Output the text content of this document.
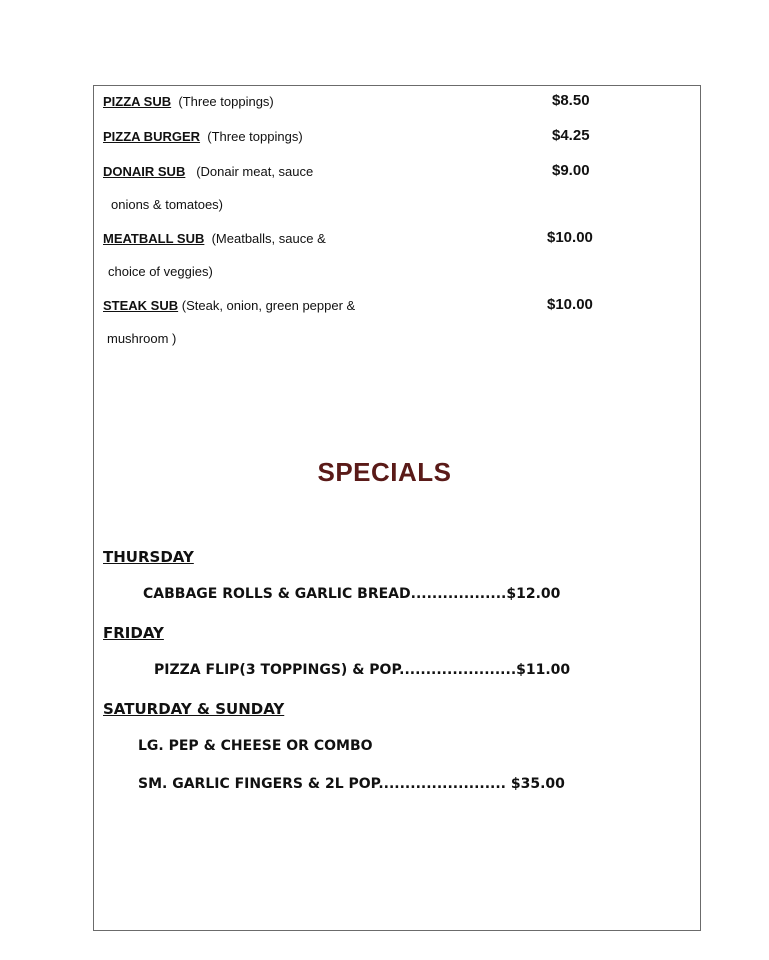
PIZZA SUB (Three toppings)	$8.50
PIZZA BURGER (Three toppings)	$4.25
DONAIR SUB (Donair meat, sauce	$9.00
onions & tomatoes)
MEATBALL SUB (Meatballs, sauce &	$10.00
choice of veggies)
STEAK SUB (Steak, onion, green pepper &	$10.00
mushroom )
SPECIALS
THURSDAY
CABBAGE ROLLS & GARLIC BREAD..................$12.00
FRIDAY
PIZZA FLIP(3 TOPPINGS) & POP......................$11.00
SATURDAY & SUNDAY
LG. PEP & CHEESE OR COMBO
SM. GARLIC FINGERS & 2L POP........................ $35.00
